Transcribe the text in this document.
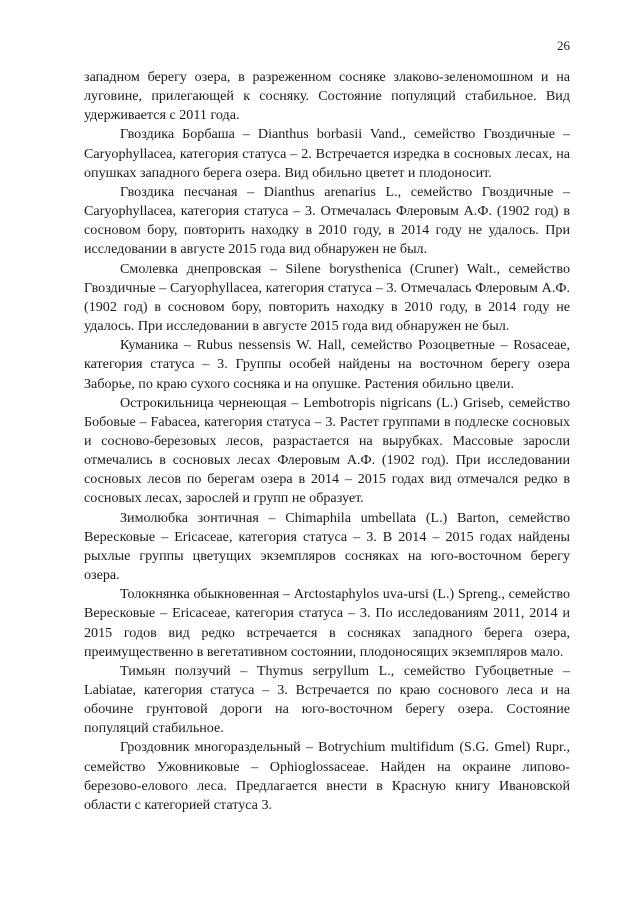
26

западном берегу озера, в разреженном сосняке злаково-зеленомошном и на луговине, прилегающей к сосняку. Состояние популяций стабильное. Вид удерживается с 2011 года.

Гвоздика Борбаша – Dianthus borbasii Vand., семейство Гвоздичные – Caryophyllacea, категория статуса – 2. Встречается изредка в сосновых лесах, на опушках западного берега озера. Вид обильно цветет и плодоносит.

Гвоздика песчаная – Dianthus arenarius L., семейство Гвоздичные – Caryophyllacea, категория статуса – 3. Отмечалась Флеровым А.Ф. (1902 год) в сосновом бору, повторить находку в 2010 году, в 2014 году не удалось. При исследовании в августе 2015 года вид обнаружен не был.

Смолевка днепровская – Silene borysthenica (Cruner) Walt., семейство Гвоздичные – Caryophyllacea, категория статуса – 3. Отмечалась Флеровым А.Ф. (1902 год) в сосновом бору, повторить находку в 2010 году, в 2014 году не удалось. При исследовании в августе 2015 года вид обнаружен не был.

Куманика – Rubus nessensis W. Hall, семейство Розоцветные – Rosaceae, категория статуса – 3. Группы особей найдены на восточном берегу озера Заборье, по краю сухого сосняка и на опушке. Растения обильно цвели.

Острокильница чернеющая – Lembotropis nigricans (L.) Griseb, семейство Бобовые – Fabacea, категория статуса – 3. Растет группами в подлеске сосновых и сосново-березовых лесов, разрастается на вырубках. Массовые заросли отмечались в сосновых лесах Флеровым А.Ф. (1902 год). При исследовании сосновых лесов по берегам озера в 2014 – 2015 годах вид отмечался редко в сосновых лесах, зарослей и групп не образует.

Зимолюбка зонтичная – Chimaphila umbellata (L.) Barton, семейство Вересковые – Ericaceae, категория статуса – 3. В 2014 – 2015 годах найдены рыхлые группы цветущих экземпляров сосняках на юго-восточном берегу озера.

Толокнянка обыкновенная – Arctostaphylos uva-ursi (L.) Spreng., семейство Вересковые – Ericaceae, категория статуса – 3. По исследованиям 2011, 2014 и 2015 годов вид редко встречается в сосняках западного берега озера, преимущественно в вегетативном состоянии, плодоносящих экземпляров мало.

Тимьян ползучий – Thymus serpyllum L., семейство Губоцветные – Labiatae, категория статуса – 3. Встречается по краю соснового леса и на обочине грунтовой дороги на юго-восточном берегу озера. Состояние популяций стабильное.

Гроздовник многораздельный – Botrychium multifidum (S.G. Gmel) Rupr., семейство Ужовниковые – Ophioglossaceae. Найден на окраине липово-березово-елового леса. Предлагается внести в Красную книгу Ивановской области с категорией статуса 3.
